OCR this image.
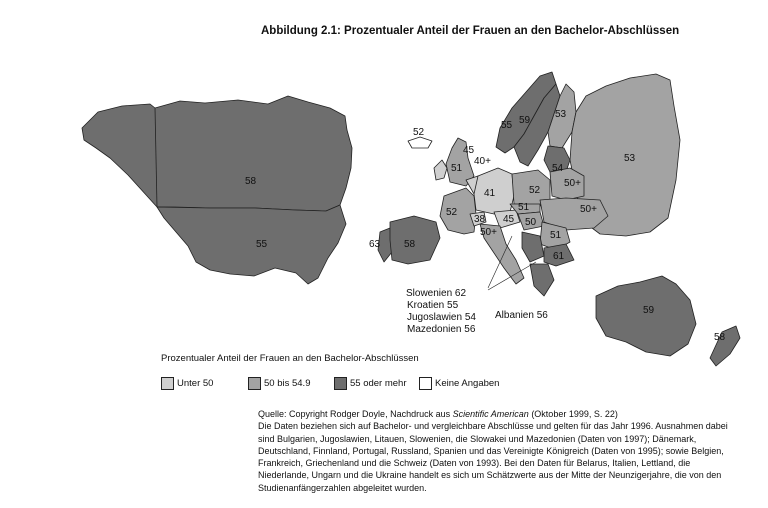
Abbildung 2.1: Prozentualer Anteil der Frauen an den Bachelor-Abschlüssen
58
55
52
55 59
53
53
45
51
40+
41	52
54
50+
50+
52
38 45
51
50
51
61
50+
63 58
59
58
Slowenien 62
Kroatien 55
Jugoslawien 54
Mazedonien 56
Albanien 56
Prozentualer Anteil der Frauen an den Bachelor-Abschlüssen
Unter 50	50 bis 54.9	55 oder mehr	Keine Angaben
Quelle: Copyright Rodger Doyle, Nachdruck aus Scientific American (Oktober 1999, S. 22)

Die Daten beziehen sich auf Bachelor- und vergleichbare Abschlüsse und gelten für das Jahr 1996. Ausnahmen dabei sind Bulgarien, Jugoslawien, Litauen, Slowenien, die Slowakei und Mazedonien (Daten von 1997); Dänemark, Deutschland, Finnland, Portugal, Russland, Spanien und das Vereinigte Königreich (Daten von 1995); sowie Belgien, Frankreich, Griechenland und die Schweiz (Daten von 1993). Bei den Daten für Belarus, Italien, Lettland, die Niederlande, Ungarn und die Ukraine handelt es sich um Schätzwerte aus der Mitte der Neunzigerjahre, die von den Studienanfängerzahlen abgeleitet wurden.
